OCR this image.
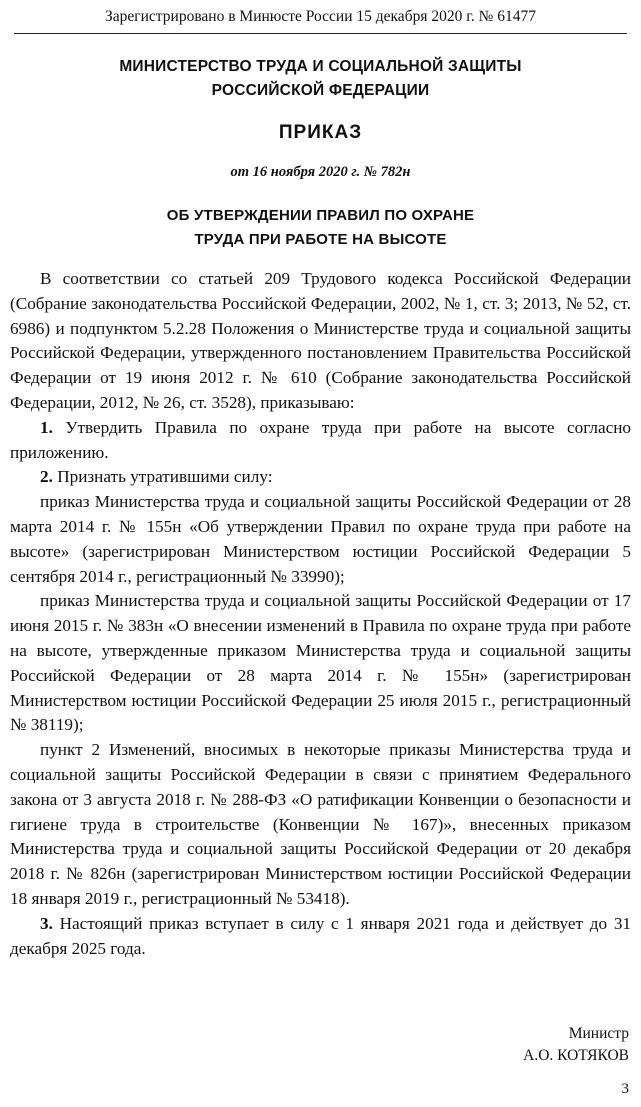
Зарегистрировано в Минюсте России 15 декабря 2020 г. № 61477
МИНИСТЕРСТВО ТРУДА И СОЦИАЛЬНОЙ ЗАЩИТЫ
РОССИЙСКОЙ ФЕДЕРАЦИИ
ПРИКАЗ
от 16 ноября 2020 г. № 782н
ОБ УТВЕРЖДЕНИИ ПРАВИЛ ПО ОХРАНЕ
ТРУДА ПРИ РАБОТЕ НА ВЫСОТЕ

В соответствии со статьей 209 Трудового кодекса Российской Федерации (Собрание законодательства Российской Федерации, 2002, № 1, ст. 3; 2013, № 52, ст. 6986) и подпунктом 5.2.28 Положения о Министерстве труда и социальной защиты Российской Федерации, утвержденного постановлением Правительства Российской Федерации от 19 июня 2012 г. № 610 (Собрание законодательства Российской Федерации, 2012, № 26, ст. 3528), приказываю:

1. Утвердить Правила по охране труда при работе на высоте согласно приложению.

2. Признать утратившими силу:

приказ Министерства труда и социальной защиты Российской Федерации от 28 марта 2014 г. № 155н «Об утверждении Правил по охране труда при работе на высоте» (зарегистрирован Министерством юстиции Российской Федерации 5 сентября 2014 г., регистрационный № 33990);

приказ Министерства труда и социальной защиты Российской Федерации от 17 июня 2015 г. № 383н «О внесении изменений в Правила по охране труда при работе на высоте, утвержденные приказом Министерства труда и социальной защиты Российской Федерации от 28 марта 2014 г. № 155н» (зарегистрирован Министерством юстиции Российской Федерации 25 июля 2015 г., регистрационный № 38119);

пункт 2 Изменений, вносимых в некоторые приказы Министерства труда и социальной защиты Российской Федерации в связи с принятием Федерального закона от 3 августа 2018 г. № 288-ФЗ «О ратификации Конвенции о безопасности и гигиене труда в строительстве (Конвенции № 167)», внесенных приказом Министерства труда и социальной защиты Российской Федерации от 20 декабря 2018 г. № 826н (зарегистрирован Министерством юстиции Российской Федерации 18 января 2019 г., регистрационный № 53418).

3. Настоящий приказ вступает в силу с 1 января 2021 года и действует до 31 декабря 2025 года.

Министр
А.О. КОТЯКОВ
3
